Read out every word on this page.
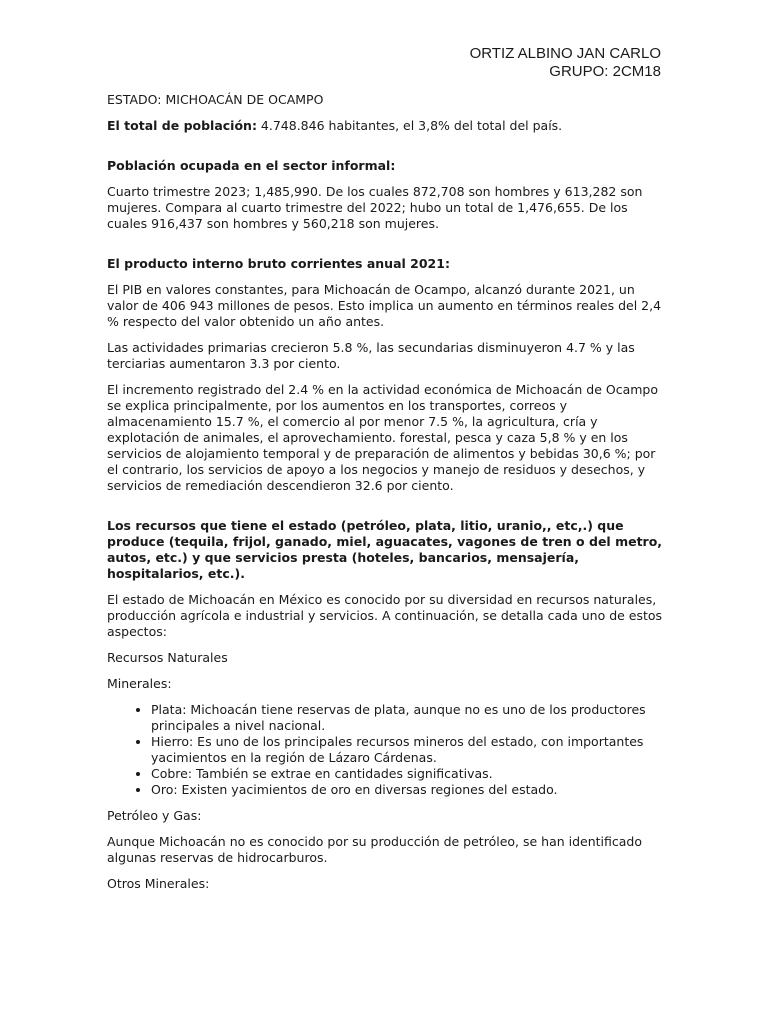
ORTIZ ALBINO JAN CARLO
GRUPO: 2CM18

ESTADO: MICHOACÁN DE OCAMPO

El total de población: 4.748.846 habitantes, el 3,8% del total del país.

Población ocupada en el sector informal:

Cuarto trimestre 2023; 1,485,990. De los cuales 872,708 son hombres y 613,282 son mujeres. Compara al cuarto trimestre del 2022; hubo un total de 1,476,655. De los cuales 916,437 son hombres y 560,218 son mujeres.

El producto interno bruto corrientes anual 2021:

El PIB en valores constantes, para Michoacán de Ocampo, alcanzó durante 2021, un valor de 406 943 millones de pesos. Esto implica un aumento en términos reales del 2,4 % respecto del valor obtenido un año antes.

Las actividades primarias crecieron 5.8 %, las secundarias disminuyeron 4.7 % y las terciarias aumentaron 3.3 por ciento.

El incremento registrado del 2.4 % en la actividad económica de Michoacán de Ocampo se explica principalmente, por los aumentos en los transportes, correos y almacenamiento 15.7 %, el comercio al por menor 7.5 %, la agricultura, cría y explotación de animales, el aprovechamiento. forestal, pesca y caza 5,8 % y en los servicios de alojamiento temporal y de preparación de alimentos y bebidas 30,6 %; por el contrario, los servicios de apoyo a los negocios y manejo de residuos y desechos, y servicios de remediación descendieron 32.6 por ciento.

Los recursos que tiene el estado (petróleo, plata, litio, uranio,, etc,.) que produce (tequila, frijol, ganado, miel, aguacates, vagones de tren o del metro, autos, etc.) y que servicios presta (hoteles, bancarios, mensajería, hospitalarios, etc.).

El estado de Michoacán en México es conocido por su diversidad en recursos naturales, producción agrícola e industrial y servicios. A continuación, se detalla cada uno de estos aspectos:

Recursos Naturales

Minerales:

• Plata: Michoacán tiene reservas de plata, aunque no es uno de los productores principales a nivel nacional.
• Hierro: Es uno de los principales recursos mineros del estado, con importantes yacimientos en la región de Lázaro Cárdenas.
• Cobre: También se extrae en cantidades significativas.
• Oro: Existen yacimientos de oro en diversas regiones del estado.

Petróleo y Gas:

Aunque Michoacán no es conocido por su producción de petróleo, se han identificado algunas reservas de hidrocarburos.

Otros Minerales:
